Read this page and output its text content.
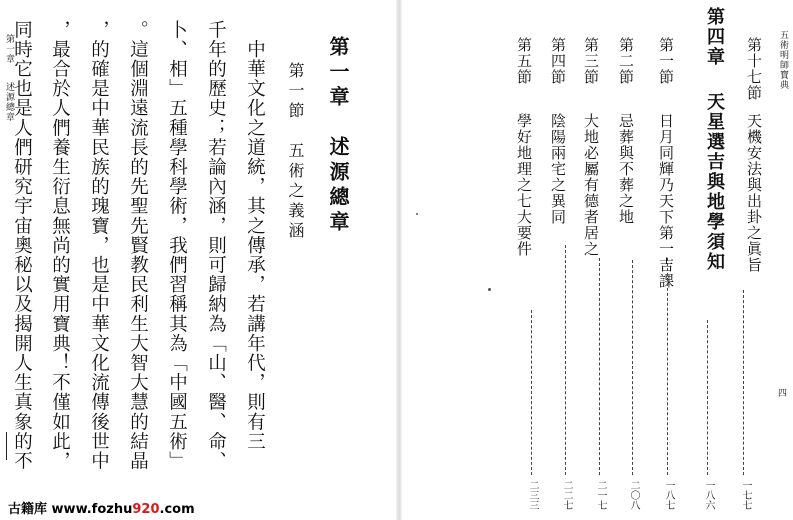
五術明師寶典
四
第十七節
天機安法與出卦之眞旨
一七七
第四章
天星選吉與地學須知
第一節
日月同輝乃天下第一吉課
一八六
第二節
忌葬與不葬之地
一八七
第三節
大地必屬有德者居之
二〇八
第四節
陰陽兩宅之異同
二一七
第五節
學好地理之七大要件
二二七
二三三
第一章
述源總章	第一章　述源總章
第一節　五術之義涵
　中華文化之道統，其之傳承，若講年代，則有三
千年的歷史；若論內涵，則可歸納為「山、醫、命、
卜、相」五種學科學術，我們習稱其為「中國五術」
。這個淵遠流長的先聖先賢教民利生大智大慧的結晶
，的確是中華民族的瑰寶，也是中華文化流傳後世中
，最合於人們養生衍息無尚的實用寶典！不僅如此，
同時它也是人們研究宇宙奧秘以及揭開人生真象的不
古籍库 www.fozhu920.com
